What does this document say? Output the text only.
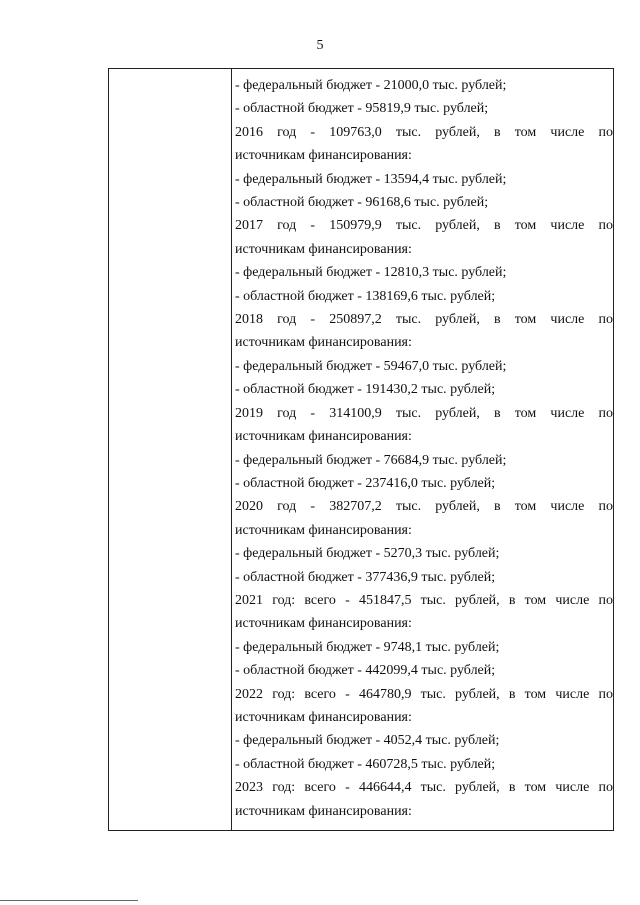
5
- федеральный бюджет - 21000,0 тыс. рублей;
- областной бюджет - 95819,9 тыс. рублей;
2016 год - 109763,0 тыс. рублей, в том числе по
источникам финансирования:
- федеральный бюджет - 13594,4 тыс. рублей;
- областной бюджет - 96168,6 тыс. рублей;
2017 год - 150979,9 тыс. рублей, в том числе по
источникам финансирования:
- федеральный бюджет - 12810,3 тыс. рублей;
- областной бюджет - 138169,6 тыс. рублей;
2018 год - 250897,2 тыс. рублей, в том числе по
источникам финансирования:
- федеральный бюджет - 59467,0 тыс. рублей;
- областной бюджет - 191430,2 тыс. рублей;
2019 год - 314100,9 тыс. рублей, в том числе по
источникам финансирования:
- федеральный бюджет - 76684,9 тыс. рублей;
- областной бюджет - 237416,0 тыс. рублей;
2020 год - 382707,2 тыс. рублей, в том числе по
источникам финансирования:
- федеральный бюджет - 5270,3 тыс. рублей;
- областной бюджет - 377436,9 тыс. рублей;
2021 год: всего - 451847,5 тыс. рублей, в том числе по
источникам финансирования:
- федеральный бюджет - 9748,1 тыс. рублей;
- областной бюджет - 442099,4 тыс. рублей;
2022 год: всего - 464780,9 тыс. рублей, в том числе по
источникам финансирования:
- федеральный бюджет - 4052,4 тыс. рублей;
- областной бюджет - 460728,5 тыс. рублей;
2023 год: всего - 446644,4 тыс. рублей, в том числе по
источникам финансирования:
